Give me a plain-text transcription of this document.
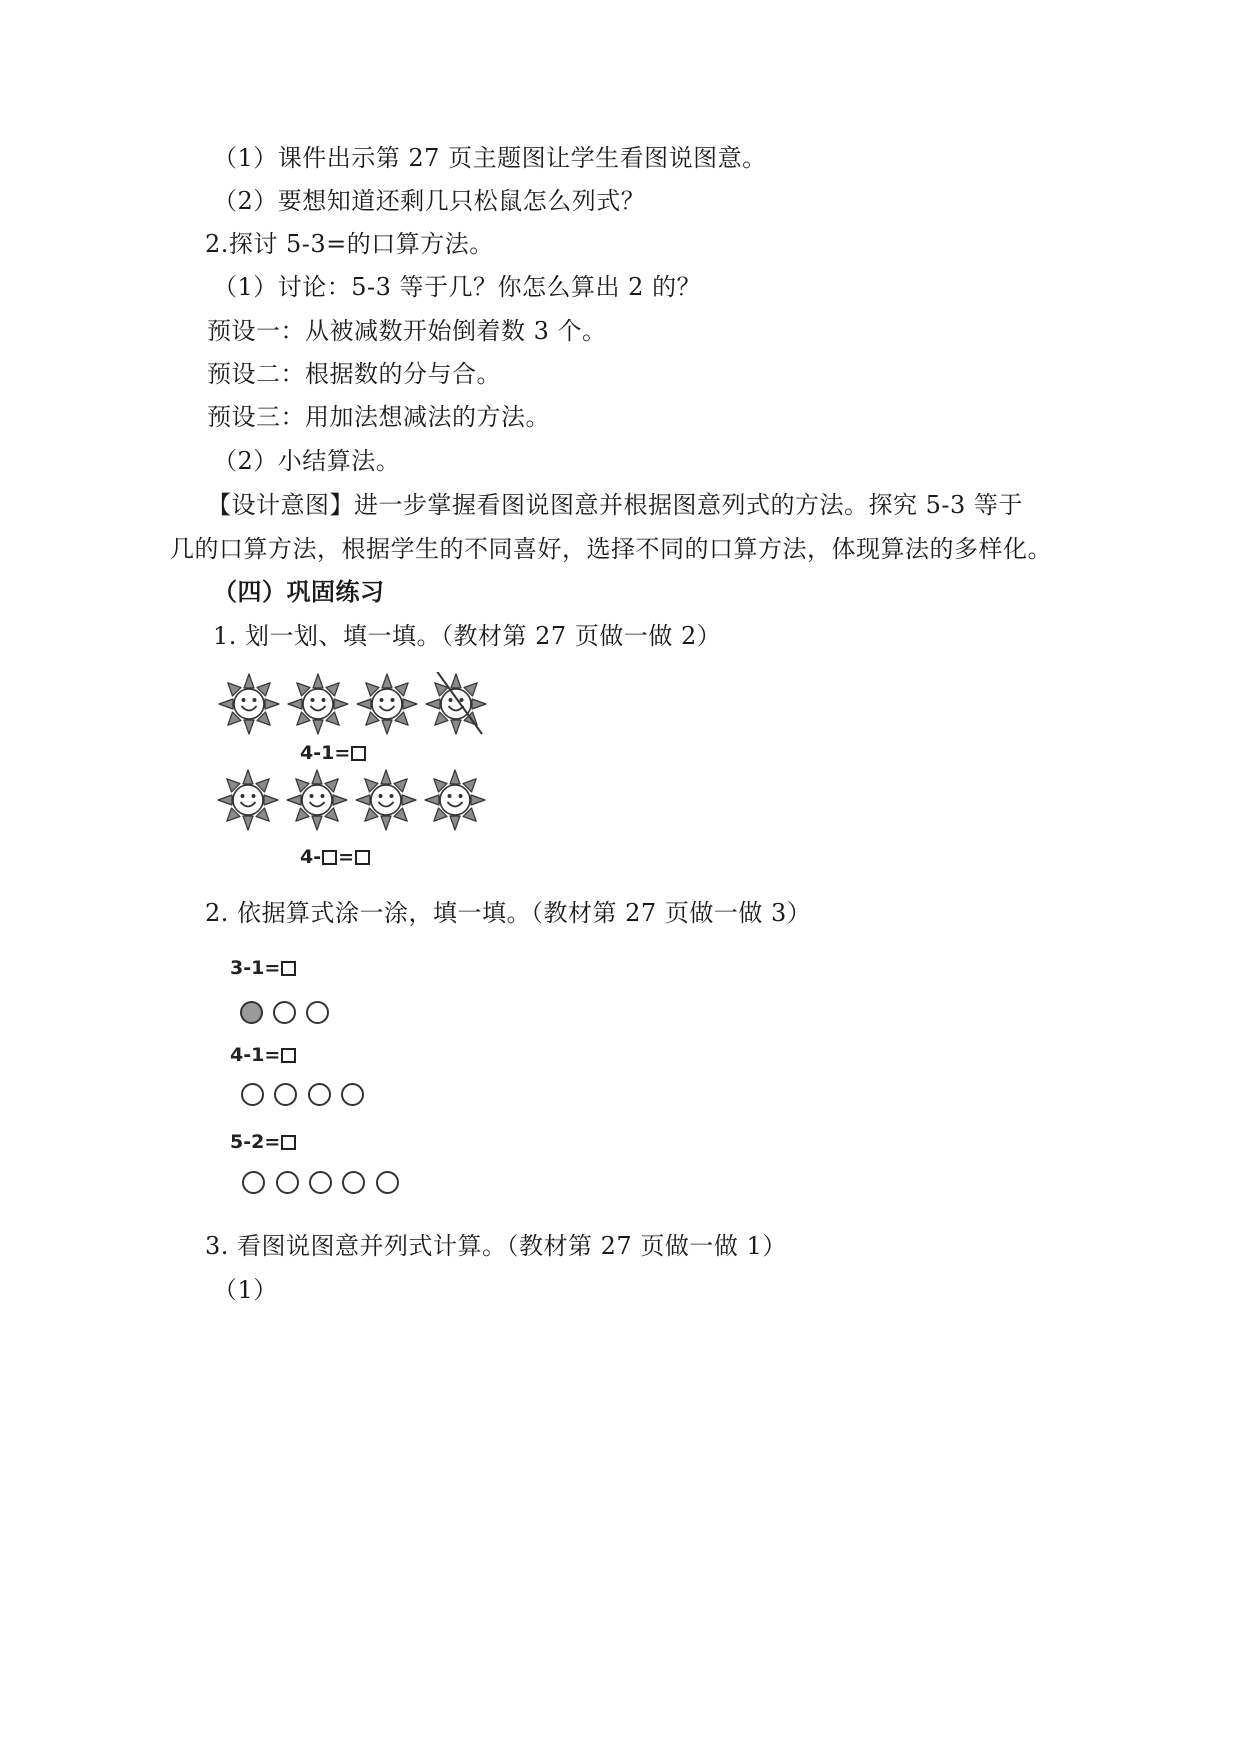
（1）课件出示第 27 页主题图让学生看图说图意。
（2）要想知道还剩几只松鼠怎么列式？
2.探讨 5-3=的口算方法。
（1）讨论：5-3 等于几？你怎么算出 2 的？
预设一：从被减数开始倒着数 3 个。
预设二：根据数的分与合。
预设三：用加法想减法的方法。
（2）小结算法。
【设计意图】进一步掌握看图说图意并根据图意列式的方法。探究 5-3 等于
几的口算方法，根据学生的不同喜好，选择不同的口算方法，体现算法的多样化。
（四）巩固练习
1. 划一划、填一填。（教材第 27 页做一做 2）
4-1=
4- =
2. 依据算式涂一涂，填一填。（教材第 27 页做一做 3）
3-1=
4-1=
5-2=
3. 看图说图意并列式计算。（教材第 27 页做一做 1）
（1）
